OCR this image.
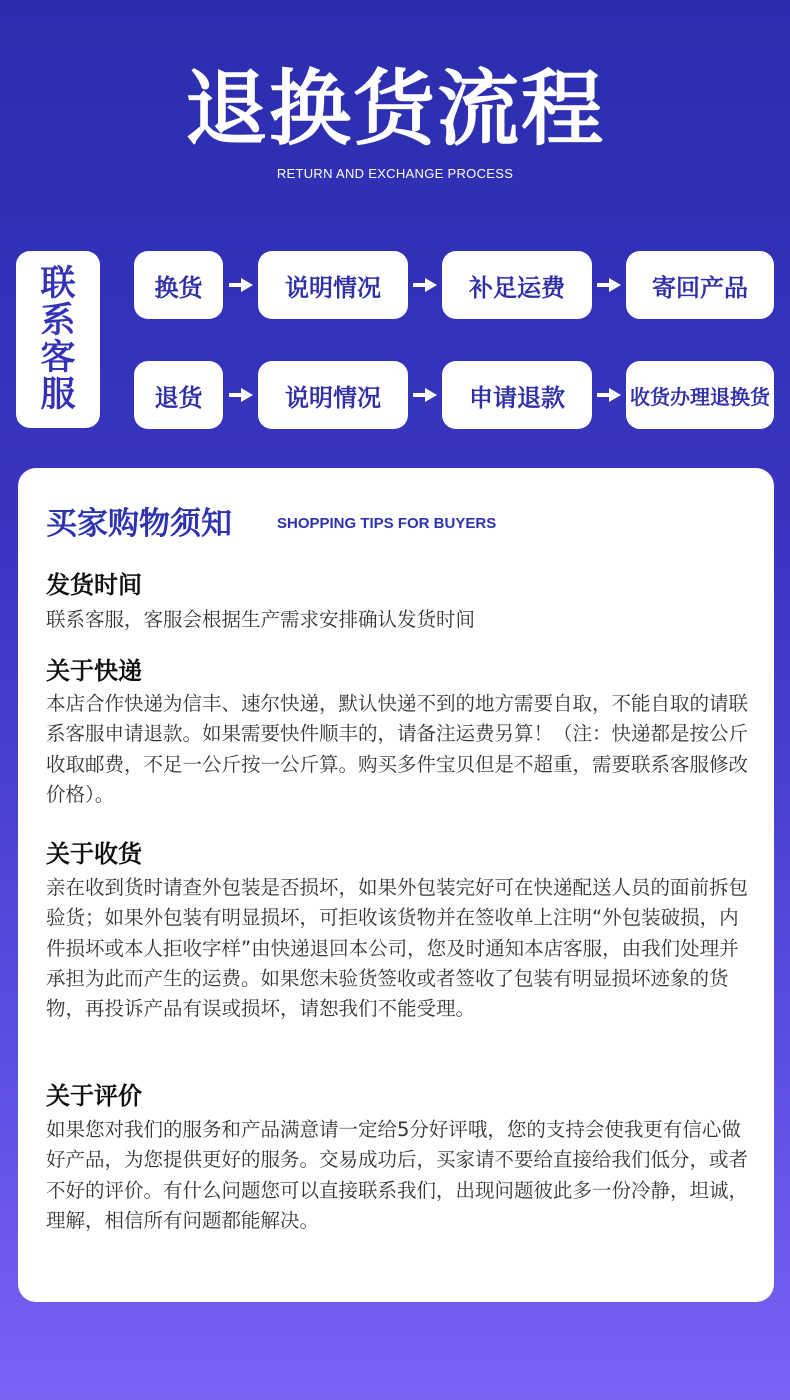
退换货流程
RETURN AND EXCHANGE PROCESS
联
系
客
服
换货	说明情况	补足运费	寄回产品
退货	说明情况	申请退款	收货办理退换货
买家购物须知	SHOPPING TIPS FOR BUYERS
发货时间

联系客服，客服会根据生产需求安排确认发货时间

关于快递

本店合作快递为信丰、速尔快递，默认快递不到的地方需要自取，不能自取的请联系客服申请退款。如果需要快件顺丰的，请备注运费另算！（注：快递都是按公斤收取邮费，不足一公斤按一公斤算。购买多件宝贝但是不超重，需要联系客服修改价格）。

关于收货

亲在收到货时请查外包装是否损坏，如果外包装完好可在快递配送人员的面前拆包验货；如果外包装有明显损坏，可拒收该货物并在签收单上注明“外包装破损，内件损坏或本人拒收字样”由快递退回本公司，您及时通知本店客服，由我们处理并承担为此而产生的运费。如果您未验货签收或者签收了包装有明显损坏迹象的货物，再投诉产品有误或损坏，请恕我们不能受理。

关于评价

如果您对我们的服务和产品满意请一定给5分好评哦，您的支持会使我更有信心做好产品，为您提供更好的服务。交易成功后，买家请不要给直接给我们低分，或者不好的评价。有什么问题您可以直接联系我们，出现问题彼此多一份冷静，坦诚，理解，相信所有问题都能解决。
